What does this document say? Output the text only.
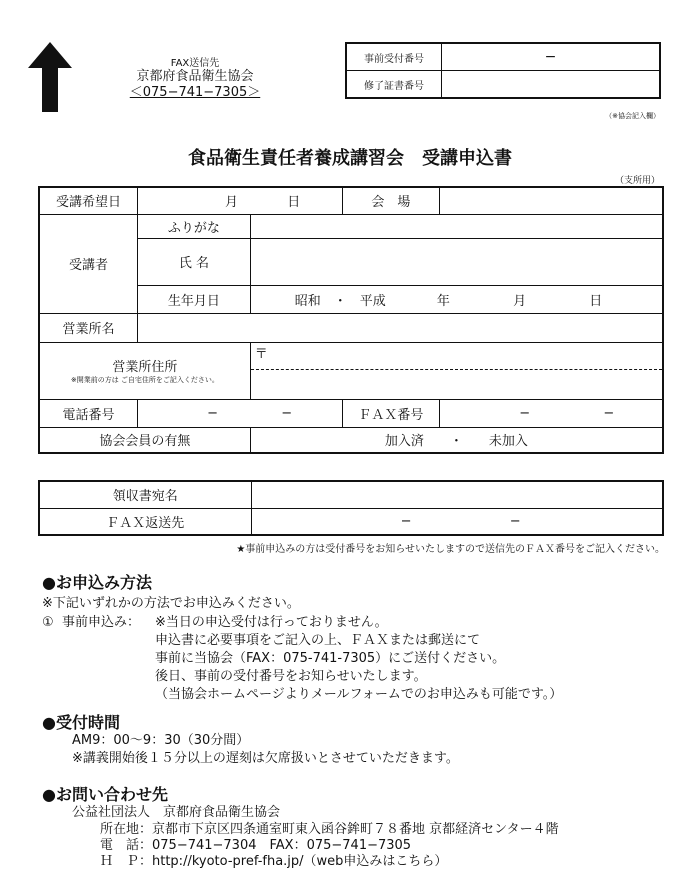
FAX送信先
京都府食品衛生協会
＜075−741−7305＞
事前受付番号	−
修了証書番号	
（※協会記入欄）
食品衛生責任者養成講習会　受講申込書
（支所用）
受講希望日	月 日		会　場	
受講者	ふりがな			
	氏 名			
	生年月日	昭和　・　平成 年 月 日		
営業所名				

営業所住所
※開業前の方は ご自宅住所をご記入ください。		〒		

電話番号	− −		ＦＡＸ番号	− −
協会会員の有無		加入済　　・　　未加入		
領収書宛名	
ＦＡＸ返送先	− −
★事前申込みの方は受付番号をお知らせいたしますので送信先のＦＡＸ番号をご記入ください。
●お申込み方法
※下記いずれかの方法でお申込みください。
① 事前申込み： ※当日の申込受付は行っておりません。
申込書に必要事項をご記入の上、ＦＡＸまたは郵送にて
事前に当協会（FAX：075-741-7305）にご送付ください。
後日、事前の受付番号をお知らせいたします。
（当協会ホームページよりメールフォームでのお申込みも可能です。）
●受付時間
AM9：00〜9：30（30分間）
※講義開始後１５分以上の遅刻は欠席扱いとさせていただきます。
●お問い合わせ先
公益社団法人　京都府食品衛生協会
所在地：京都市下京区四条通室町東入函谷鉾町７８番地 京都経済センター４階
電　話：075−741−7304　FAX：075−741−7305
Ｈ　Ｐ：http://kyoto-pref-fha.jp/（web申込みはこちら）
